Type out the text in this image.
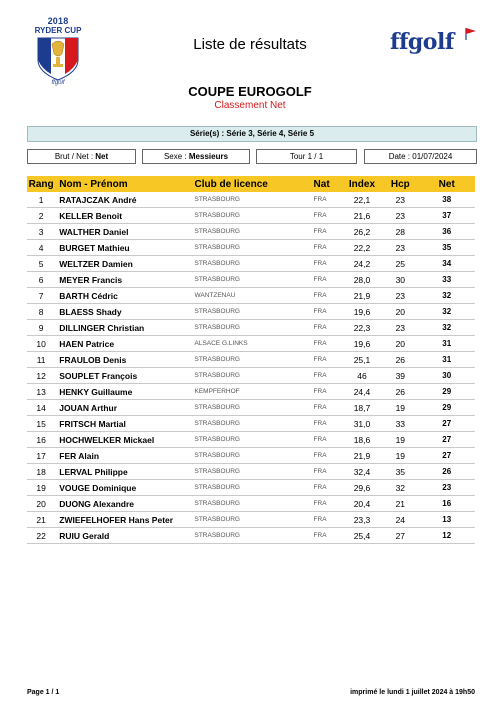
2018
RYDER CUP
ffgolf
Liste de résultats	ffgolf
COUPE EUROGOLF
Classement Net
Série(s) : Série 3, Série 4, Série 5
Brut / Net : Net	Sexe : Messieurs	Tour 1 / 1	Date : 01/07/2024
Rang	Nom - Prénom	Club de licence	Nat	Index	Hcp	Net
1	RATAJCZAK André	STRASBOURG	FRA	22,1	23	38
2	KELLER Benoit	STRASBOURG	FRA	21,6	23	37
3	WALTHER Daniel	STRASBOURG	FRA	26,2	28	36
4	BURGET Mathieu	STRASBOURG	FRA	22,2	23	35
5	WELTZER Damien	STRASBOURG	FRA	24,2	25	34
6	MEYER Francis	STRASBOURG	FRA	28,0	30	33
7	BARTH Cédric	WANTZENAU	FRA	21,9	23	32
8	BLAESS Shady	STRASBOURG	FRA	19,6	20	32
9	DILLINGER Christian	STRASBOURG	FRA	22,3	23	32
10	HAEN Patrice	ALSACE G.LINKS	FRA	19,6	20	31
11	FRAULOB Denis	STRASBOURG	FRA	25,1	26	31
12	SOUPLET François	STRASBOURG	FRA	46	39	30
13	HENKY Guillaume	KEMPFERHOF	FRA	24,4	26	29
14	JOUAN Arthur	STRASBOURG	FRA	18,7	19	29
15	FRITSCH Martial	STRASBOURG	FRA	31,0	33	27
16	HOCHWELKER Mickael	STRASBOURG	FRA	18,6	19	27
17	FER Alain	STRASBOURG	FRA	21,9	19	27
18	LERVAL Philippe	STRASBOURG	FRA	32,4	35	26
19	VOUGE Dominique	STRASBOURG	FRA	29,6	32	23
20	DUONG Alexandre	STRASBOURG	FRA	20,4	21	16
21	ZWIEFELHOFER Hans Peter	STRASBOURG	FRA	23,3	24	13
22	RUIU Gerald	STRASBOURG	FRA	25,4	27	12
Page 1 / 1	imprimé le lundi 1 juillet 2024 à 19h50
